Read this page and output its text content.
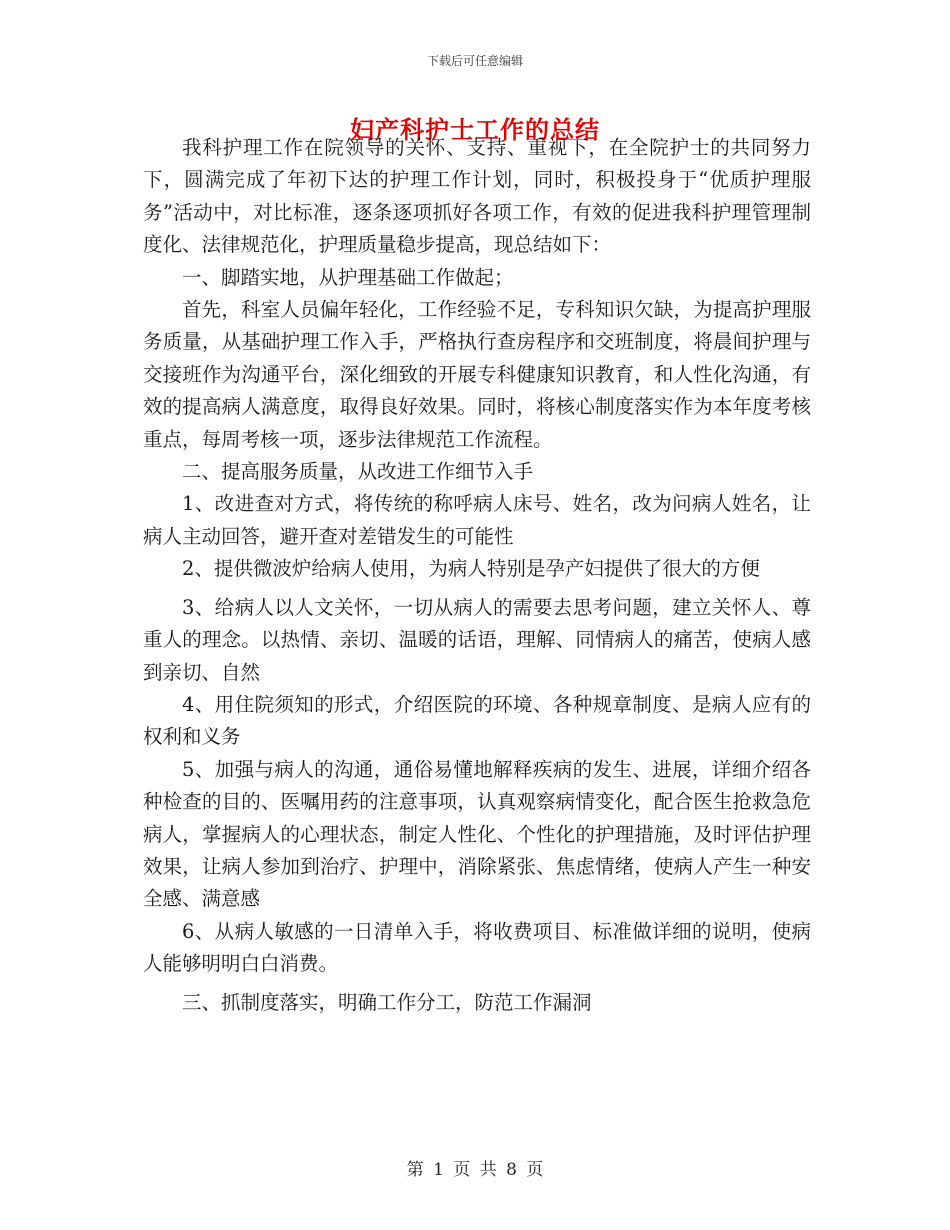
下载后可任意编辑
妇产科护士工作的总结

我科护理工作在院领导的关怀、支持、重视下，在全院护士的共同努力下，圆满完成了年初下达的护理工作计划，同时，积极投身于“优质护理服务”活动中，对比标准，逐条逐项抓好各项工作，有效的促进我科护理管理制度化、法律规范化，护理质量稳步提高，现总结如下：

一、脚踏实地，从护理基础工作做起；

首先，科室人员偏年轻化，工作经验不足，专科知识欠缺，为提高护理服务质量，从基础护理工作入手，严格执行查房程序和交班制度，将晨间护理与交接班作为沟通平台，深化细致的开展专科健康知识教育，和人性化沟通，有效的提高病人满意度，取得良好效果。同时，将核心制度落实作为本年度考核重点，每周考核一项，逐步法律规范工作流程。

二、提高服务质量，从改进工作细节入手

1、改进查对方式，将传统的称呼病人床号、姓名，改为问病人姓名，让病人主动回答，避开查对差错发生的可能性

2、提供微波炉给病人使用，为病人特别是孕产妇提供了很大的方便

3、给病人以人文关怀，一切从病人的需要去思考问题，建立关怀人、尊重人的理念。以热情、亲切、温暖的话语，理解、同情病人的痛苦，使病人感到亲切、自然

4、用住院须知的形式，介绍医院的环境、各种规章制度、是病人应有的权利和义务

5、加强与病人的沟通，通俗易懂地解释疾病的发生、进展，详细介绍各种检查的目的、医嘱用药的注意事项，认真观察病情变化，配合医生抢救急危病人，掌握病人的心理状态，制定人性化、个性化的护理措施，及时评估护理效果，让病人参加到治疗、护理中，消除紧张、焦虑情绪，使病人产生一种安全感、满意感

6、从病人敏感的一日清单入手，将收费项目、标准做详细的说明，使病人能够明明白白消费。

三、抓制度落实，明确工作分工，防范工作漏洞

第 1 页 共 8 页
